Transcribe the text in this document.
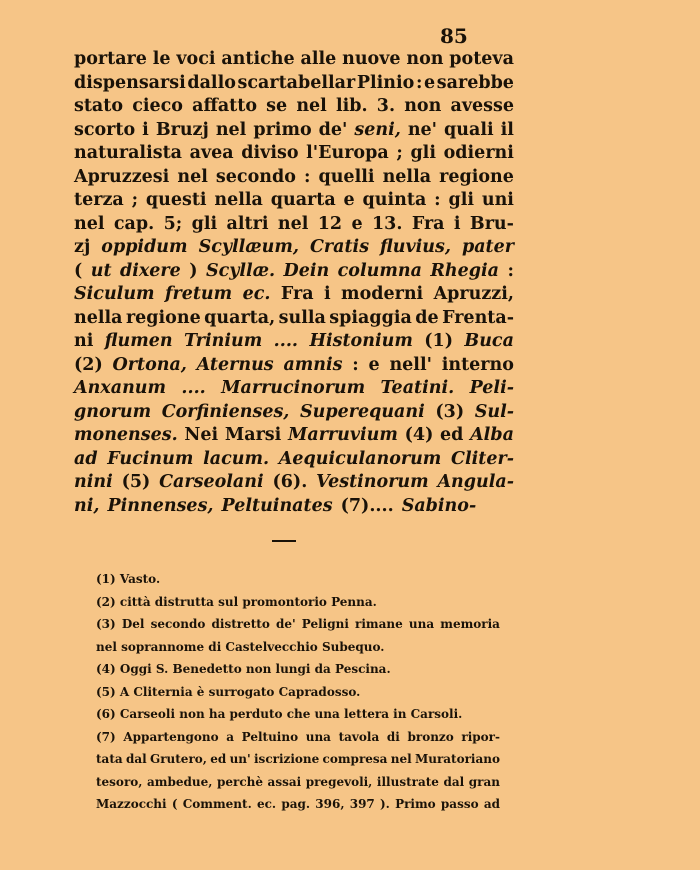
85
portare le voci antiche alle nuove non poteva
dispensarsi dallo scartabellar Plinio : e sarebbe
stato cieco affatto se nel lib. 3. non avesse
scorto i Bruzj nel primo de' seni, ne' quali il
naturalista avea diviso l'Europa ; gli odierni
Apruzzesi nel secondo : quelli nella regione
terza ; questi nella quarta e quinta : gli uni
nel cap. 5; gli altri nel 12 e 13. Fra i Bru-
zj oppidum Scyllæum, Cratis fluvius, pater
( ut dixere ) Scyllæ. Dein columna Rhegia :
Siculum fretum ec. Fra i moderni Apruzzi,
nella regione quarta, sulla spiaggia de Frenta-
ni flumen Trinium .... Histonium (1) Buca
(2) Ortona, Aternus amnis : e nell' interno
Anxanum .... Marrucinorum Teatini. Peli-
gnorum Corfinienses, Superequani (3) Sul-
monenses. Nei Marsi Marruvium (4) ed Alba
ad Fucinum lacum. Aequiculanorum Cliter-
nini (5) Carseolani (6). Vestinorum Angula-
ni, Pinnenses, Peltuinates (7).... Sabino-
(1) Vasto.
(2) città distrutta sul promontorio Penna.
(3) Del secondo distretto de' Peligni rimane una memoria
nel soprannome di Castelvecchio Subequo.
(4) Oggi S. Benedetto non lungi da Pescina.
(5) A Cliternia è surrogato Capradosso.
(6) Carseoli non ha perduto che una lettera in Carsoli.
(7) Appartengono a Peltuino una tavola di bronzo ripor-
tata dal Grutero, ed un' iscrizione compresa nel Muratoriano
tesoro, ambedue, perchè assai pregevoli, illustrate dal gran
Mazzocchi ( Comment. ec. pag. 396, 397 ). Primo passo ad
